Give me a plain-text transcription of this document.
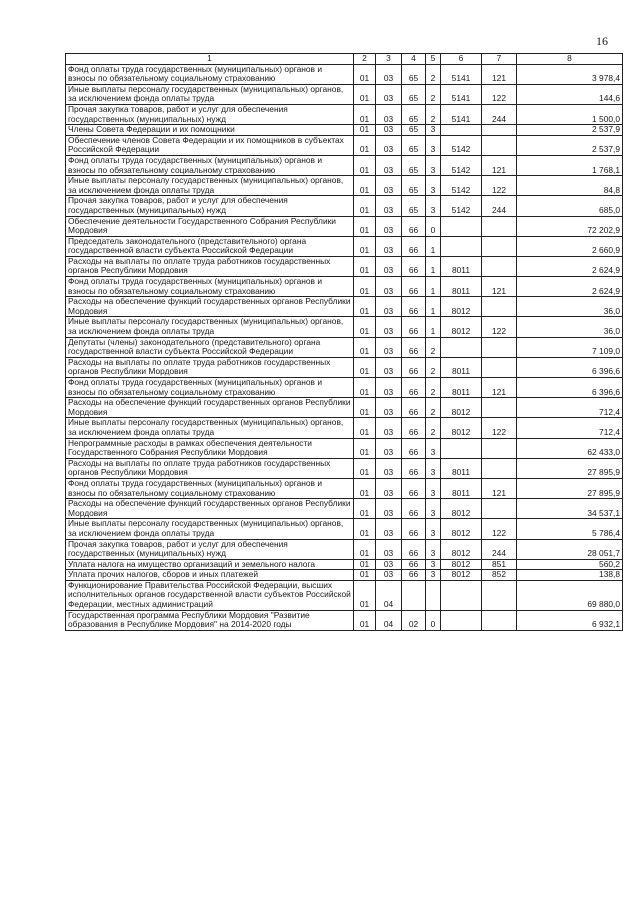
16
1	2	3	4	5	6	7	8
Фонд оплаты труда государственных (муниципальных) органов и взносы по обязательному социальному страхованию	01	03	65	2	5141	121	3 978,4
Иные выплаты персоналу государственных (муниципальных) органов, за исключением фонда оплаты труда	01	03	65	2	5141	122	144,6
Прочая закупка товаров, работ и услуг для обеспечения государственных (муниципальных) нужд	01	03	65	2	5141	244	1 500,0
Члены Совета Федерации и их помощники	01	03	65	3			2 537,9
Обеспечение членов Совета Федерации и их помощников в субъектах Российской Федерации	01	03	65	3	5142		2 537,9
Фонд оплаты труда государственных (муниципальных) органов и взносы по обязательному социальному страхованию	01	03	65	3	5142	121	1 768,1
Иные выплаты персоналу государственных (муниципальных) органов, за исключением фонда оплаты труда	01	03	65	3	5142	122	84,8
Прочая закупка товаров, работ и услуг для обеспечения государственных (муниципальных) нужд	01	03	65	3	5142	244	685,0
Обеспечение деятельности Государственного Собрания Республики Мордовия	01	03	66	0			72 202,9
Председатель законодательного (представительного) органа государственной власти субъекта Российской Федерации	01	03	66	1			2 660,9
Расходы на выплаты по оплате труда работников государственных органов Республики Мордовия	01	03	66	1	8011		2 624,9
Фонд оплаты труда государственных (муниципальных) органов и взносы по обязательному социальному страхованию	01	03	66	1	8011	121	2 624,9
Расходы на обеспечение функций государственных органов Республики Мордовия	01	03	66	1	8012		36,0
Иные выплаты персоналу государственных (муниципальных) органов, за исключением фонда оплаты труда	01	03	66	1	8012	122	36,0
Депутаты (члены) законодательного (представительного) органа государственной власти субъекта Российской Федерации	01	03	66	2			7 109,0
Расходы на выплаты по оплате труда работников государственных органов Республики Мордовия	01	03	66	2	8011		6 396,6
Фонд оплаты труда государственных (муниципальных) органов и взносы по обязательному социальному страхованию	01	03	66	2	8011	121	6 396,6
Расходы на обеспечение функций государственных органов Республики Мордовия	01	03	66	2	8012		712,4
Иные выплаты персоналу государственных (муниципальных) органов, за исключением фонда оплаты труда	01	03	66	2	8012	122	712,4
Непрограммные расходы в рамках обеспечения деятельности Государственного Собрания Республики Мордовия	01	03	66	3			62 433,0
Расходы на выплаты по оплате труда работников государственных органов Республики Мордовия	01	03	66	3	8011		27 895,9
Фонд оплаты труда государственных (муниципальных) органов и взносы по обязательному социальному страхованию	01	03	66	3	8011	121	27 895,9
Расходы на обеспечение функций государственных органов Республики Мордовия	01	03	66	3	8012		34 537,1
Иные выплаты персоналу государственных (муниципальных) органов, за исключением фонда оплаты труда	01	03	66	3	8012	122	5 786,4
Прочая закупка товаров, работ и услуг для обеспечения государственных (муниципальных) нужд	01	03	66	3	8012	244	28 051,7
Уплата налога на имущество организаций и земельного налога	01	03	66	3	8012	851	560,2
Уплата прочих налогов, сборов и иных платежей	01	03	66	3	8012	852	138,8
Функционирование Правительства Российской Федерации, высших исполнительных органов государственной власти субъектов Российской Федерации, местных администраций	01	04					69 880,0
Государственная программа Республики Мордовия "Развитие образования в Республике Мордовия" на 2014-2020 годы	01	04	02	0			6 932,1
